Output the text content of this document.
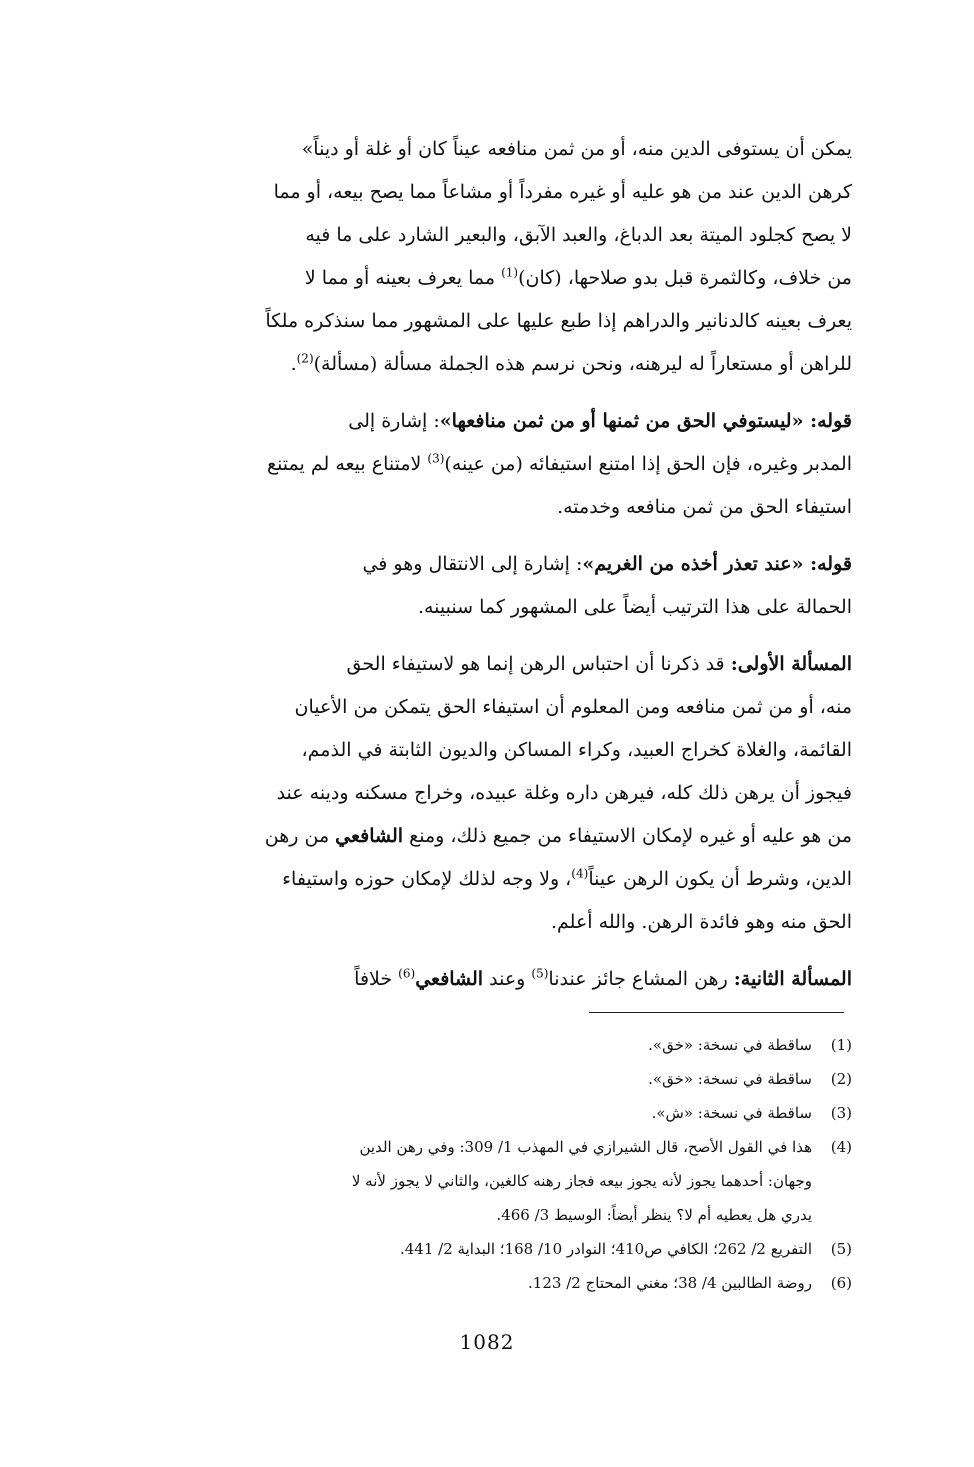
يمكن أن يستوفى الدين منه، أو من ثمن منافعه عيناً كان أو غلة أو ديناً»

كرهن الدين عند من هو عليه أو غيره مفرداً أو مشاعاً مما يصح بيعه، أو مما

لا يصح كجلود الميتة بعد الدباغ، والعبد الآبق، والبعير الشارد على ما فيه

من خلاف، وكالثمرة قبل بدو صلاحها، (كان)$^{(1)}$ مما يعرف بعينه أو مما لا

يعرف بعينه كالدنانير والدراهم إذا طبع عليها على المشهور مما سنذكره ملكاً

للراهن أو مستعاراً له ليرهنه، ونحن نرسم هذه الجملة مسألة (مسألة)$^{(2)}$.

قوله: «ليستوفي الحق من ثمنها أو من ثمن منافعها»: إشارة إلى

المدبر وغيره، فإن الحق إذا امتنع استيفائه (من عينه)$^{(3)}$ لامتناع بيعه لم يمتنع

استيفاء الحق من ثمن منافعه وخدمته.

قوله: «عند تعذر أخذه من الغريم»: إشارة إلى الانتقال وهو في

الحمالة على هذا الترتيب أيضاً على المشهور كما سنبينه.

المسألة الأولى: قد ذكرنا أن احتباس الرهن إنما هو لاستيفاء الحق

منه، أو من ثمن منافعه ومن المعلوم أن استيفاء الحق يتمكن من الأعيان

القائمة، والغلاة كخراج العبيد، وكراء المساكن والديون الثابتة في الذمم،

فيجوز أن يرهن ذلك كله، فيرهن داره وغلة عبيده، وخراج مسكنه ودينه عند

من هو عليه أو غيره لإمكان الاستيفاء من جميع ذلك، ومنع الشافعي من رهن

الدين، وشرط أن يكون الرهن عيناً$^{(4)}$، ولا وجه لذلك لإمكان حوزه واستيفاء

الحق منه وهو فائدة الرهن. والله أعلم.

المسألة الثانية: رهن المشاع جائز عندنا$^{(5)}$ وعند الشافعي$^{(6)}$ خلافاً

(1)
ساقطة في نسخة: «خق».
(2)
ساقطة في نسخة: «خق».
(3)
ساقطة في نسخة: «ش».
(4)
هذا في القول الأصح، قال الشيرازي في المهذب 1/ 309: وفي رهن الدين
وجهان: أحدهما يجوز لأنه يجوز بيعه فجاز رهنه كالغين، والثاني لا يجوز لأنه لا
يدري هل يعطيه أم لا؟ ينظر أيضاً: الوسيط 3/ 466.
(5)
التفريع 2/ 262؛ الكافي ص410؛ النوادر 10/ 168؛ البداية 2/ 441.
(6)
روضة الطالبين 4/ 38؛ مغني المحتاج 2/ 123.
1082
